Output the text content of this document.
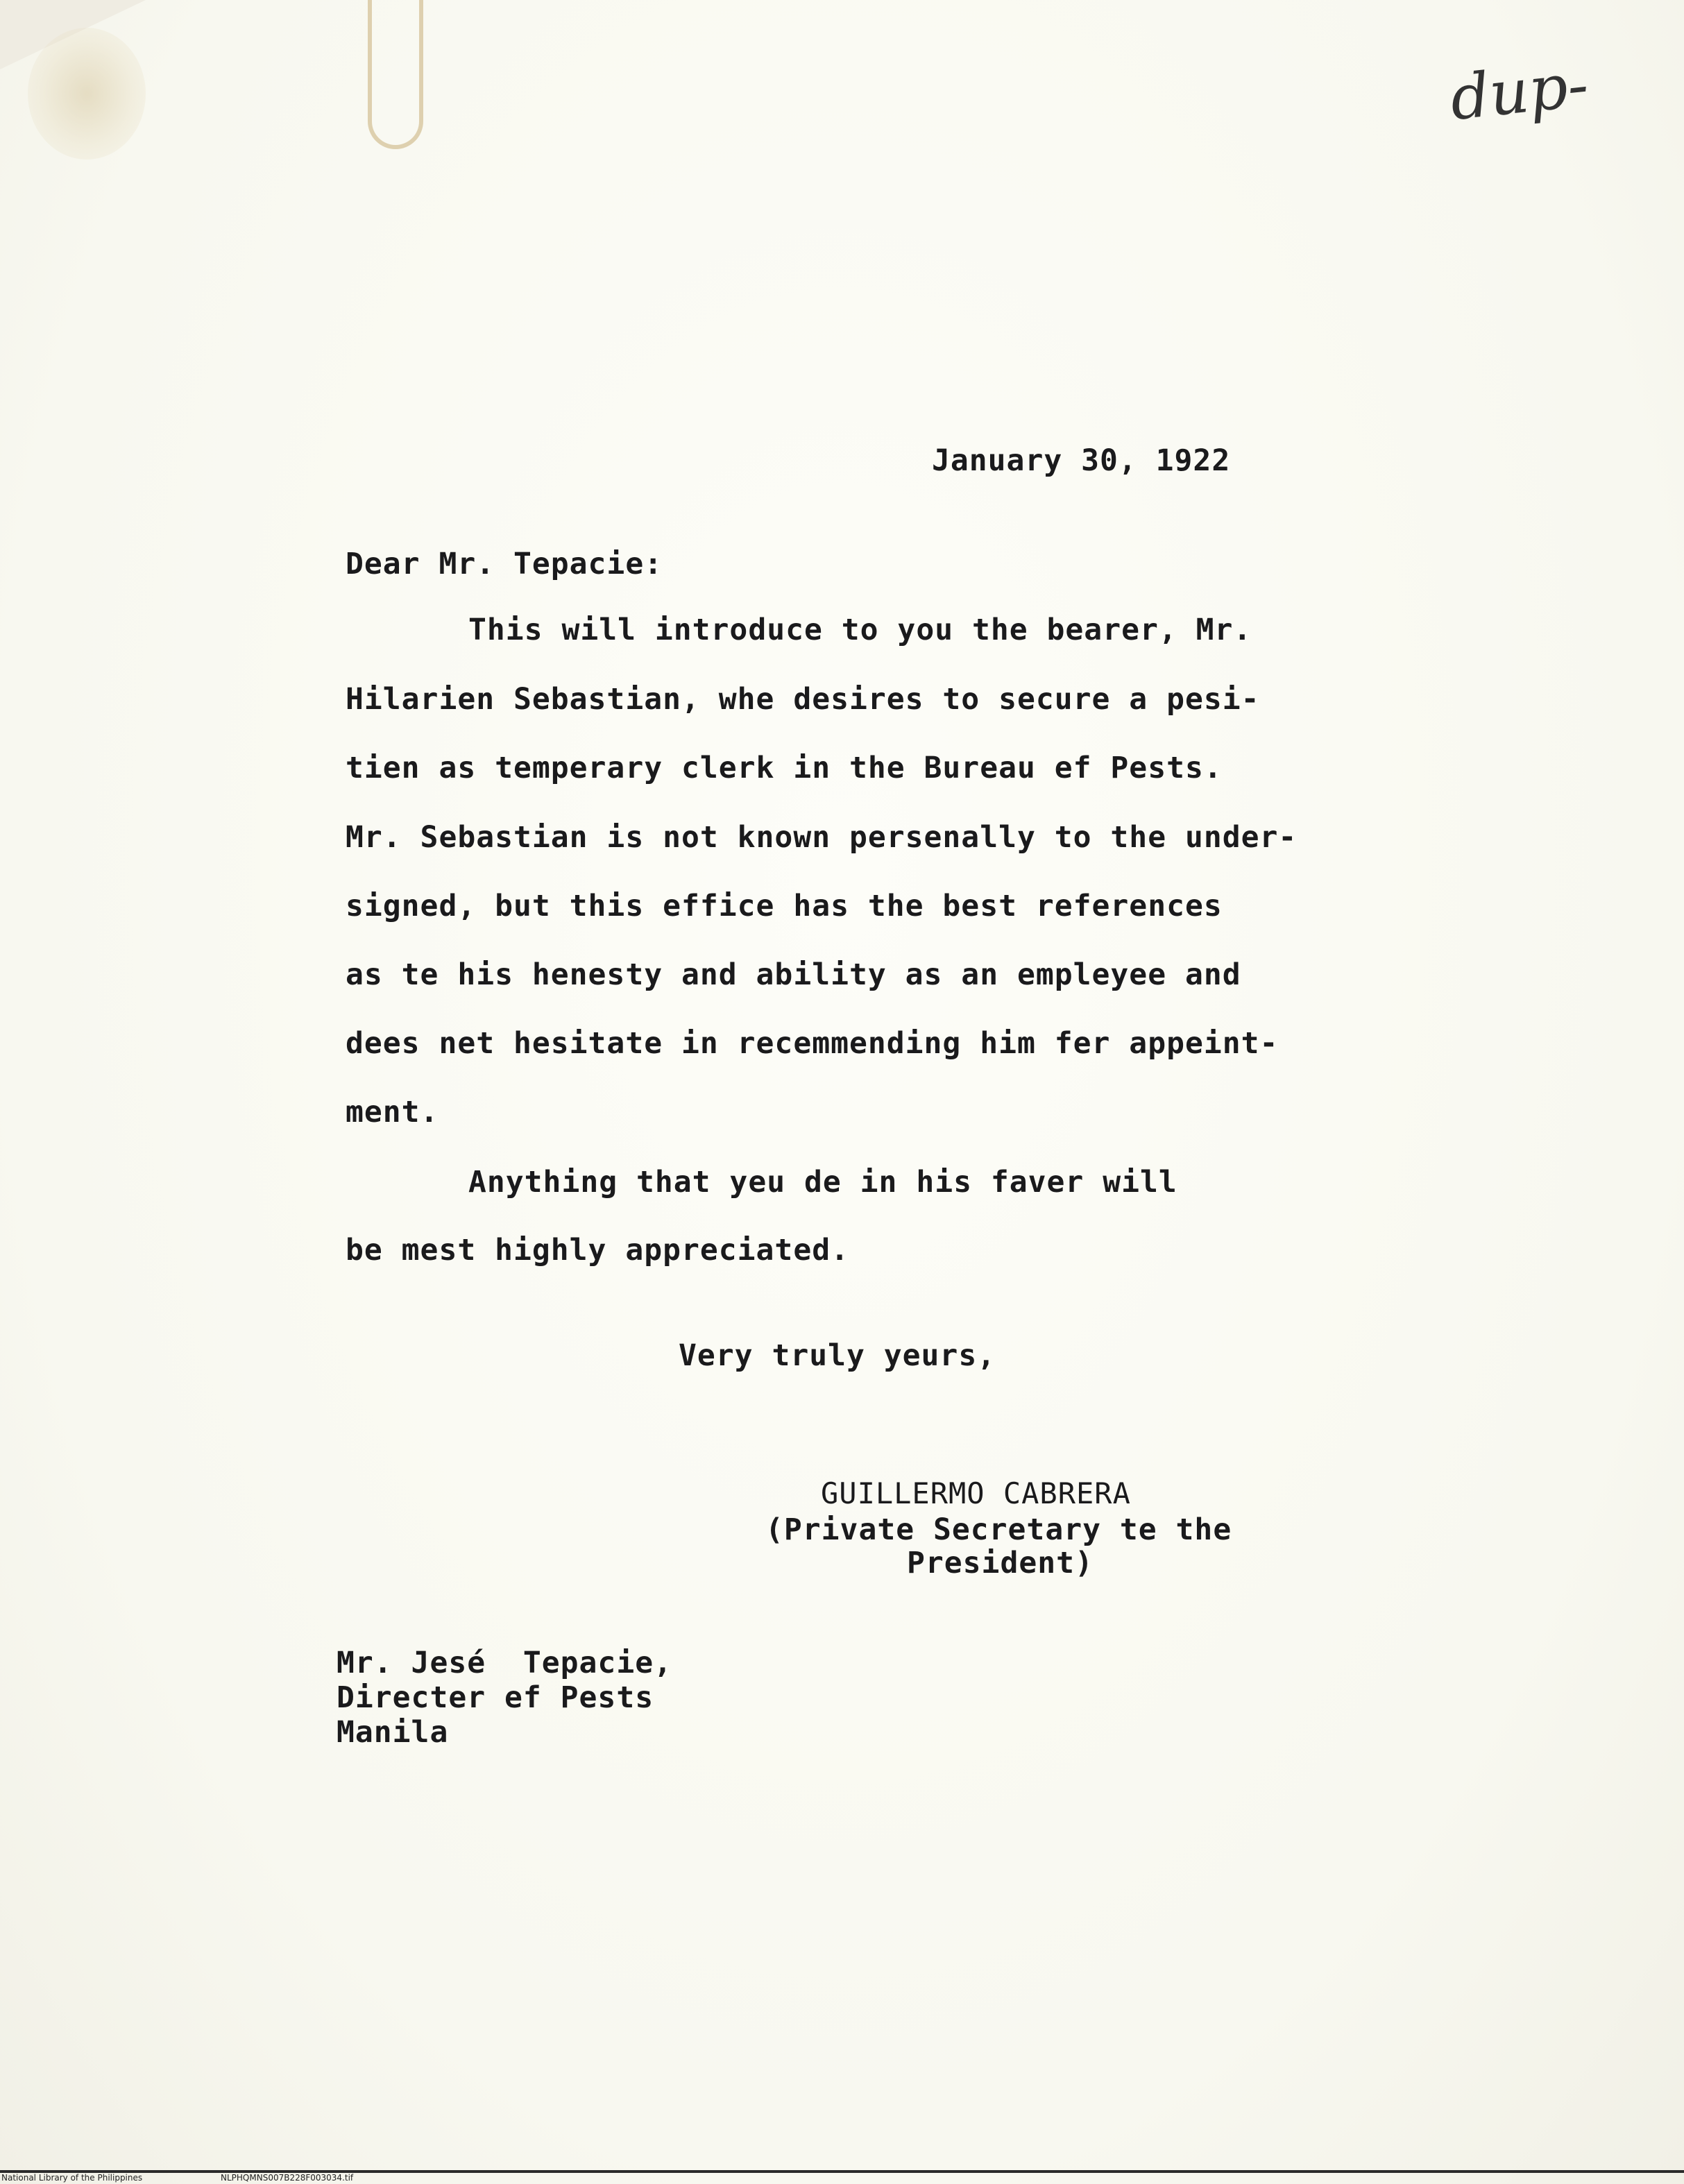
dup-
January 30, 1922
Dear Mr. Tepacie:
This will introduce to you the bearer, Mr.
Hilarien Sebastian, whe desires to secure a pesi-
tien as temperary clerk in the Bureau ef Pests.
Mr. Sebastian is not known persenally to the under-
signed, but this effice has the best references
as te his henesty and ability as an empleyee and
dees net hesitate in recemmending him fer appeint-
ment.
Anything that yeu de in his faver will
be mest highly appreciated.
Very truly yeurs,
GUILLERMO CABRERA
(Private Secretary te the
President)
Mr. Jesé  Tepacie,
Directer ef Pests
Manila
National Library of the Philippines	NLPHQMNS007B228F003034.tif
